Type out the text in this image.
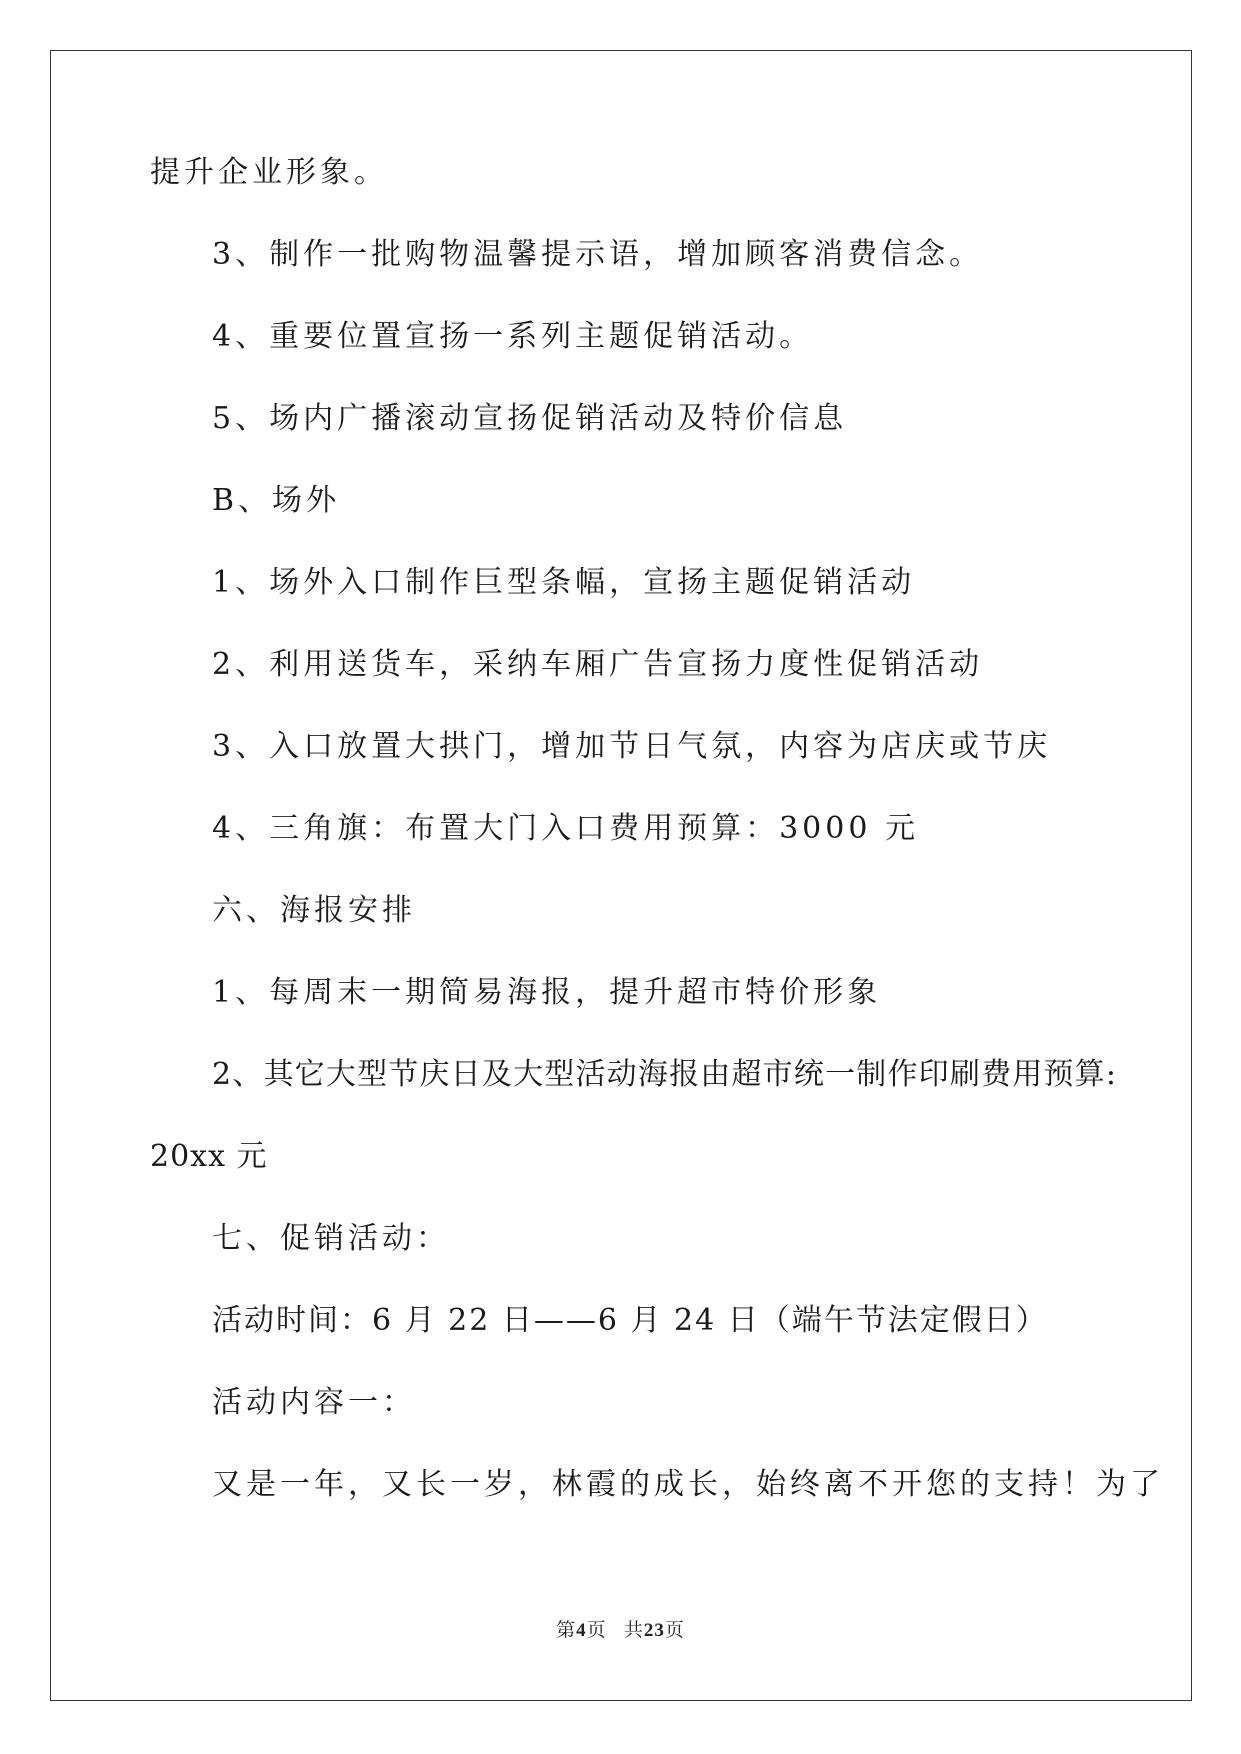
提升企业形象。
3、制作一批购物温馨提示语，增加顾客消费信念。
4、重要位置宣扬一系列主题促销活动。
5、场内广播滚动宣扬促销活动及特价信息
B、场外
1、场外入口制作巨型条幅，宣扬主题促销活动
2、利用送货车，采纳车厢广告宣扬力度性促销活动
3、入口放置大拱门，增加节日气氛，内容为店庆或节庆
4、三角旗：布置大门入口费用预算：3000 元
六、海报安排
1、每周末一期简易海报，提升超市特价形象
2、其它大型节庆日及大型活动海报由超市统一制作印刷费用预算:
20xx 元
七、促销活动：
活动时间：6 月 22 日——6 月 24 日（端午节法定假日）
活动内容一：
又是一年，又长一岁，林霞的成长，始终离不开您的支持！为了
第4页 共23页
